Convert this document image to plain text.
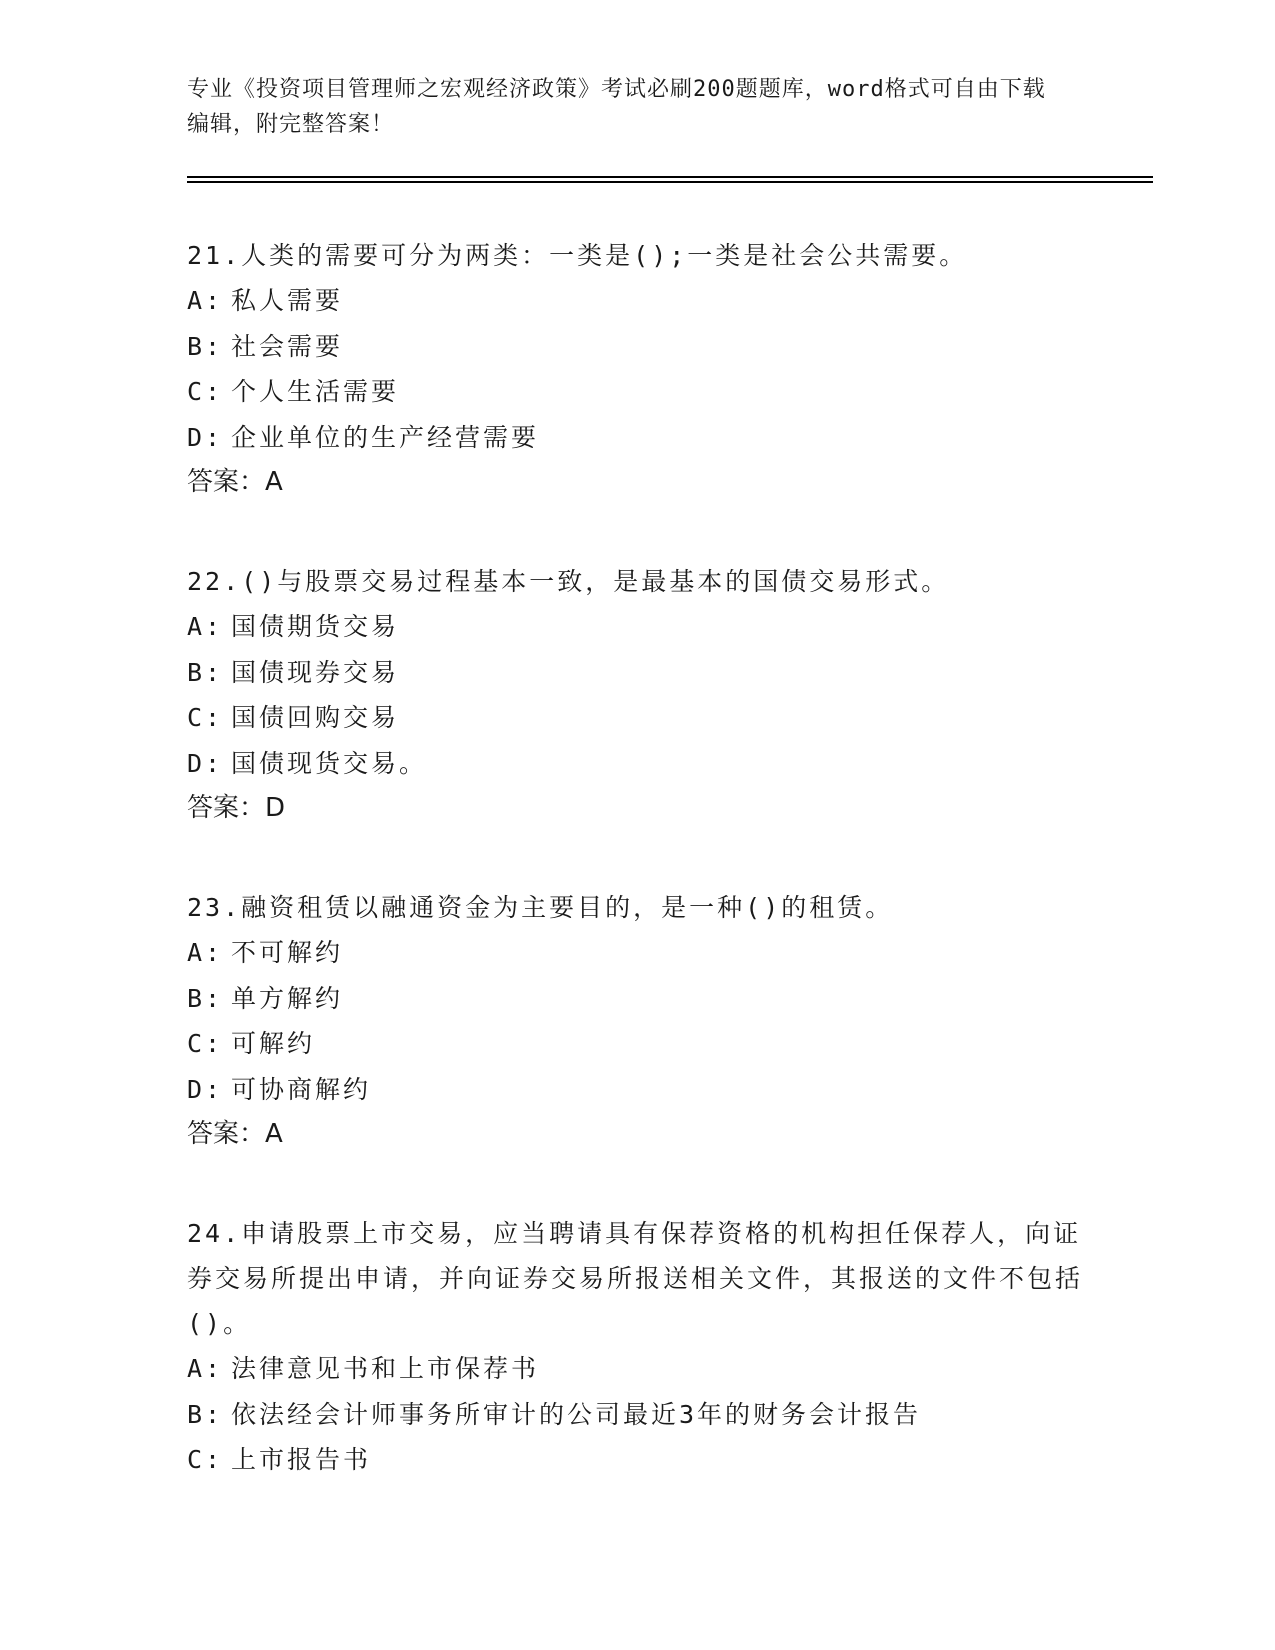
专业《投资项目管理师之宏观经济政策》考试必刷200题题库，word格式可自由下载编辑，附完整答案！
21.人类的需要可分为两类：一类是();一类是社会公共需要。
A: 私人需要
B: 社会需要
C: 个人生活需要
D: 企业单位的生产经营需要
答案：A
22.()与股票交易过程基本一致，是最基本的国债交易形式。
A: 国债期货交易
B: 国债现券交易
C: 国债回购交易
D: 国债现货交易。
答案：D
23.融资租赁以融通资金为主要目的，是一种()的租赁。
A: 不可解约
B: 单方解约
C: 可解约
D: 可协商解约
答案：A
24.申请股票上市交易，应当聘请具有保荐资格的机构担任保荐人，向证券交易所提出申请，并向证券交易所报送相关文件，其报送的文件不包括()。
A: 法律意见书和上市保荐书
B: 依法经会计师事务所审计的公司最近3年的财务会计报告
C: 上市报告书
